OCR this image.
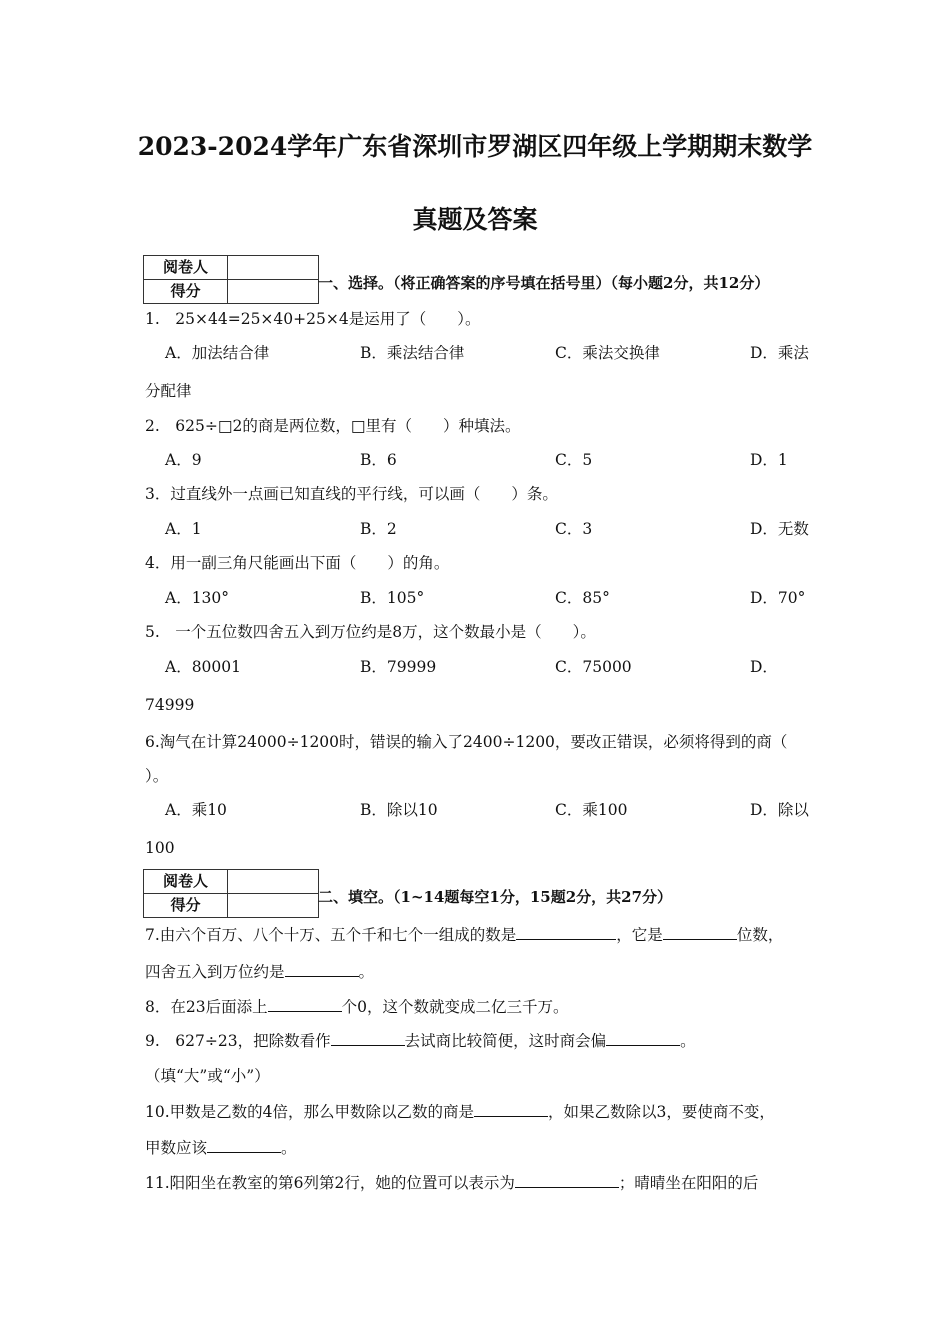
2023-2024学年广东省深圳市罗湖区四年级上学期期末数学
真题及答案
阅卷人
得分	一、选择。（将正确答案的序号填在括号里）（每小题2分，共12分）
1.　25×44=25×40+25×4是运用了（　　）。
A．加法结合律	B．乘法结合律	C．乘法交换律	D．乘法
分配律
2.　625÷□2的商是两位数，□里有（　　）种填法。
A．9	B．6	C．5	D．1
3．过直线外一点画已知直线的平行线，可以画（　　）条。
A．1	B．2	C．3	D．无数
4．用一副三角尺能画出下面（　　）的角。
A．130°	B．105°	C．85°	D．70°
5.　一个五位数四舍五入到万位约是8万，这个数最小是（　　）。
A．80001	B．79999	C．75000	D．
74999
6.淘气在计算24000÷1200时，错误的输入了2400÷1200，要改正错误，必须将得到的商（
）。
A．乘10	B．除以10	C．乘100	D．除以
100
阅卷人
得分	二、填空。（1~14题每空1分，15题2分，共27分）
7.由六个百万、八个十万、五个千和七个一组成的数是	，它是	位数，
四舍五入到万位约是	。
8．在23后面添上	个0，这个数就变成二亿三千万。
9.　627÷23，把除数看作	去试商比较简便，这时商会偏	。
（填“大”或“小”）
10.甲数是乙数的4倍，那么甲数除以乙数的商是	，如果乙数除以3，要使商不变，
甲数应该	。
11.阳阳坐在教室的第6列第2行，她的位置可以表示为	；晴晴坐在阳阳的后
